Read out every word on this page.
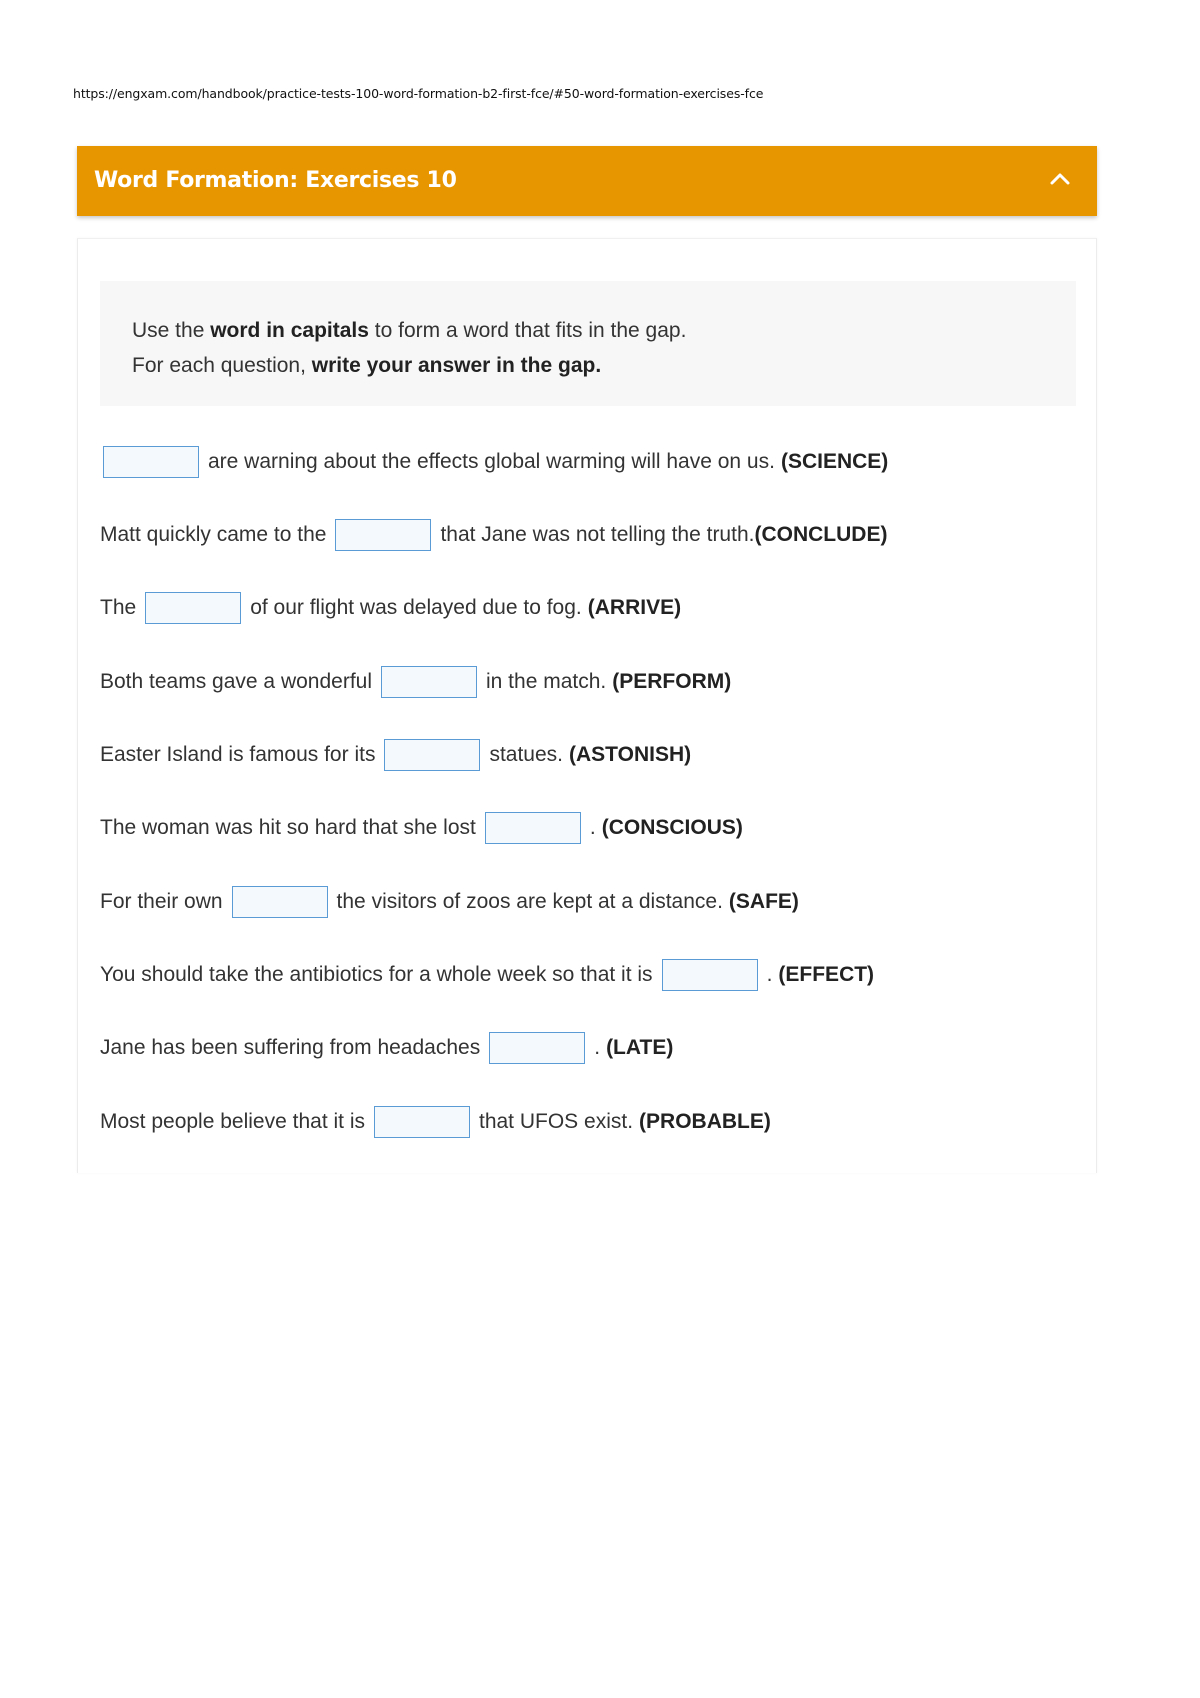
https://engxam.com/handbook/practice-tests-100-word-formation-b2-first-fce/#50-word-formation-exercises-fce
Word Formation: Exercises 10
Use the word in capitals to form a word that fits in the gap.
For each question, write your answer in the gap.
are warning about the effects global warming will have on us. (SCIENCE)
Matt quickly came to the	that Jane was not telling the truth. (CONCLUDE)
The	of our flight was delayed due to fog. (ARRIVE)
Both teams gave a wonderful	in the match. (PERFORM)
Easter Island is famous for its	statues. (ASTONISH)
The woman was hit so hard that she lost	. (CONSCIOUS)
For their own	the visitors of zoos are kept at a distance. (SAFE)
You should take the antibiotics for a whole week so that it is	. (EFFECT)
Jane has been suffering from headaches	. (LATE)
Most people believe that it is	that UFOS exist. (PROBABLE)
